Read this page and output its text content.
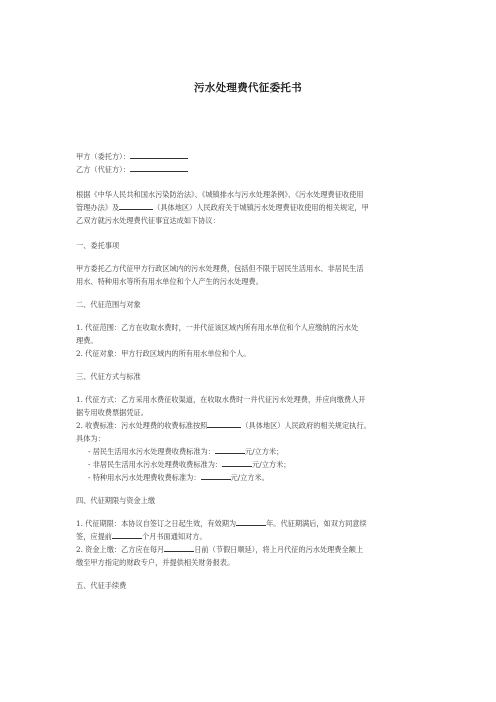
污水处理费代征委托书
甲方（委托方）：
乙方（代征方）：
根据《中华人民共和国水污染防治法》、《城镇排水与污水处理条例》、《污水处理费征收使用
管理办法》及	（具体地区）人民政府关于城镇污水处理费征收使用的相关规定，甲
乙双方就污水处理费代征事宜达成如下协议：
一、委托事项
甲方委托乙方代征甲方行政区域内的污水处理费，包括但不限于居民生活用水、非居民生活
用水、特种用水等所有用水单位和个人产生的污水处理费。
二、代征范围与对象
1. 代征范围：乙方在收取水费时，一并代征该区域内所有用水单位和个人应缴纳的污水处
理费。
2. 代征对象：甲方行政区域内的所有用水单位和个人。
三、代征方式与标准
1. 代征方式：乙方采用水费征收渠道，在收取水费时一并代征污水处理费，并应向缴费人开
据专用收费票据凭证。
2. 收费标准：污水处理费的收费标准按照	（具体地区）人民政府的相关规定执行。
具体为：
- 居民生活用水污水处理费收费标准为：	元/立方米；
- 非居民生活用水污水处理费收费标准为：	元/立方米；
- 特种用水污水处理费收费标准为：	元/立方米。
四、代征期限与资金上缴
1. 代征期限：本协议自签订之日起生效，有效期为	年。代征期满后，如双方同意续
签，应提前	个月书面通知对方。
2. 资金上缴：乙方应在每月	日前（节假日顺延），将上月代征的污水处理费全额上
缴至甲方指定的财政专户，并提供相关财务报表。
五、代征手续费
